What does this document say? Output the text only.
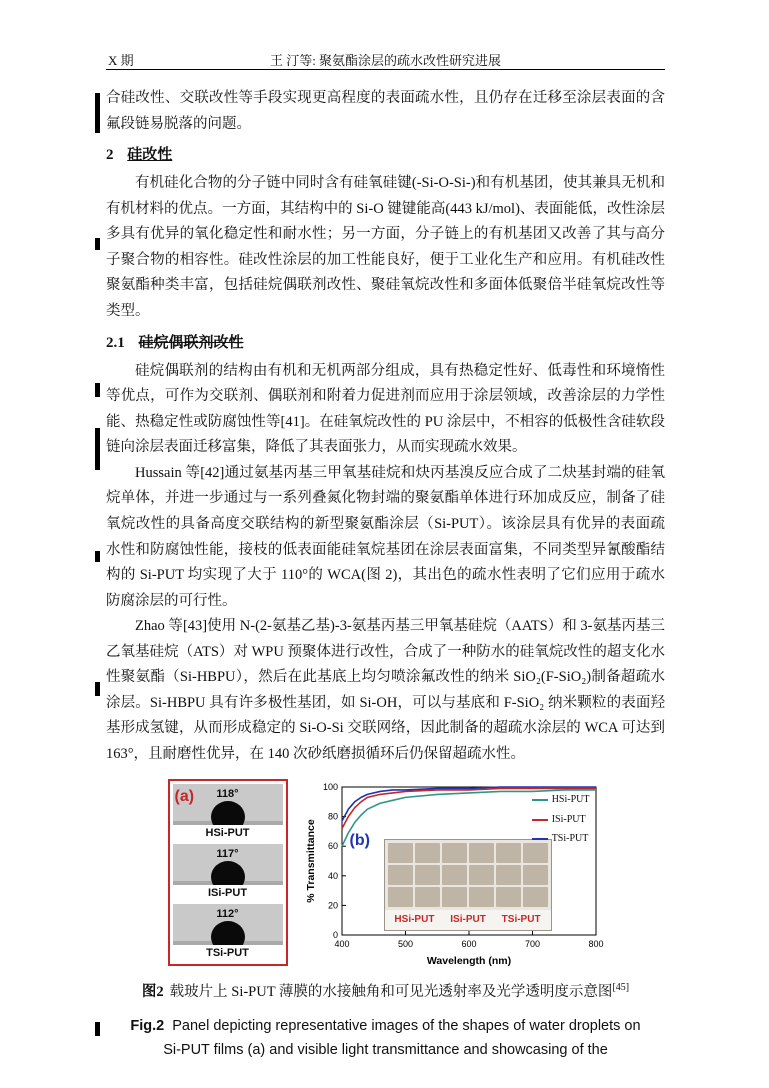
X 期	王 汀等: 聚氨酯涂层的疏水改性研究进展

合硅改性、交联改性等手段实现更高程度的表面疏水性，且仍存在迁移至涂层表面的含氟段链易脱落的问题。

2 硅改性

有机硅化合物的分子链中同时含有硅氧硅键(-Si-O-Si-)和有机基团，使其兼具无机和有机材料的优点。一方面，其结构中的 Si-O 键键能高(443 kJ/mol)、表面能低，改性涂层多具有优异的氧化稳定性和耐水性；另一方面，分子链上的有机基团又改善了其与高分子聚合物的相容性。硅改性涂层的加工性能良好，便于工业化生产和应用。有机硅改性聚氨酯种类丰富，包括硅烷偶联剂改性、聚硅氧烷改性和多面体低聚倍半硅氧烷改性等类型。

2.1 硅烷偶联剂改性

硅烷偶联剂的结构由有机和无机两部分组成，具有热稳定性好、低毒性和环境惰性等优点，可作为交联剂、偶联剂和附着力促进剂而应用于涂层领域，改善涂层的力学性能、热稳定性或防腐蚀性等[41]。在硅氧烷改性的 PU 涂层中，不相容的低极性含硅软段链向涂层表面迁移富集，降低了其表面张力，从而实现疏水效果。

Hussain 等[42]通过氨基丙基三甲氧基硅烷和炔丙基溴反应合成了二炔基封端的硅氧烷单体，并进一步通过与一系列叠氮化物封端的聚氨酯单体进行环加成反应，制备了硅氧烷改性的具备高度交联结构的新型聚氨酯涂层（Si-PUT）。该涂层具有优异的表面疏水性和防腐蚀性能，接枝的低表面能硅氧烷基团在涂层表面富集，不同类型异氰酸酯结构的 Si-PUT 均实现了大于 110°的 WCA(图 2)，其出色的疏水性表明了它们应用于疏水防腐涂层的可行性。

Zhao 等[43]使用 N-(2-氨基乙基)-3-氨基丙基三甲氧基硅烷（AATS）和 3-氨基丙基三乙氧基硅烷（ATS）对 WPU 预聚体进行改性，合成了一种防水的硅氧烷改性的超支化水性聚氨酯（Si-HBPU），然后在此基底上均匀喷涂氟改性的纳米 SiO₂(F-SiO₂)制备超疏水涂层。Si-HBPU 具有许多极性基团，如 Si-OH，可以与基底和 F-SiO₂ 纳米颗粒的表面羟基形成氢键，从而形成稳定的 Si-O-Si 交联网络，因此制备的超疏水涂层的 WCA 可达到 163°，且耐磨性优异，在 140 次砂纸磨损循环后仍保留超疏水性。

(a)	118°
HSi-PUT
117°
ISi-PUT
112°
TSi-PUT
400	500	600	700	800
0
20
40
60
80
100
Wavelength (nm)
% Transmittance (b)
HSi-PUT
ISi-PUT
TSi-PUT
HSi-PUT ISi-PUT TSi-PUT

图2 载玻片上 Si-PUT 薄膜的水接触角和可见光透射率及光学透明度示意图[45]

Fig.2 Panel depicting representative images of the shapes of water droplets on Si-PUT films (a) and visible light transmittance and showcasing of the
